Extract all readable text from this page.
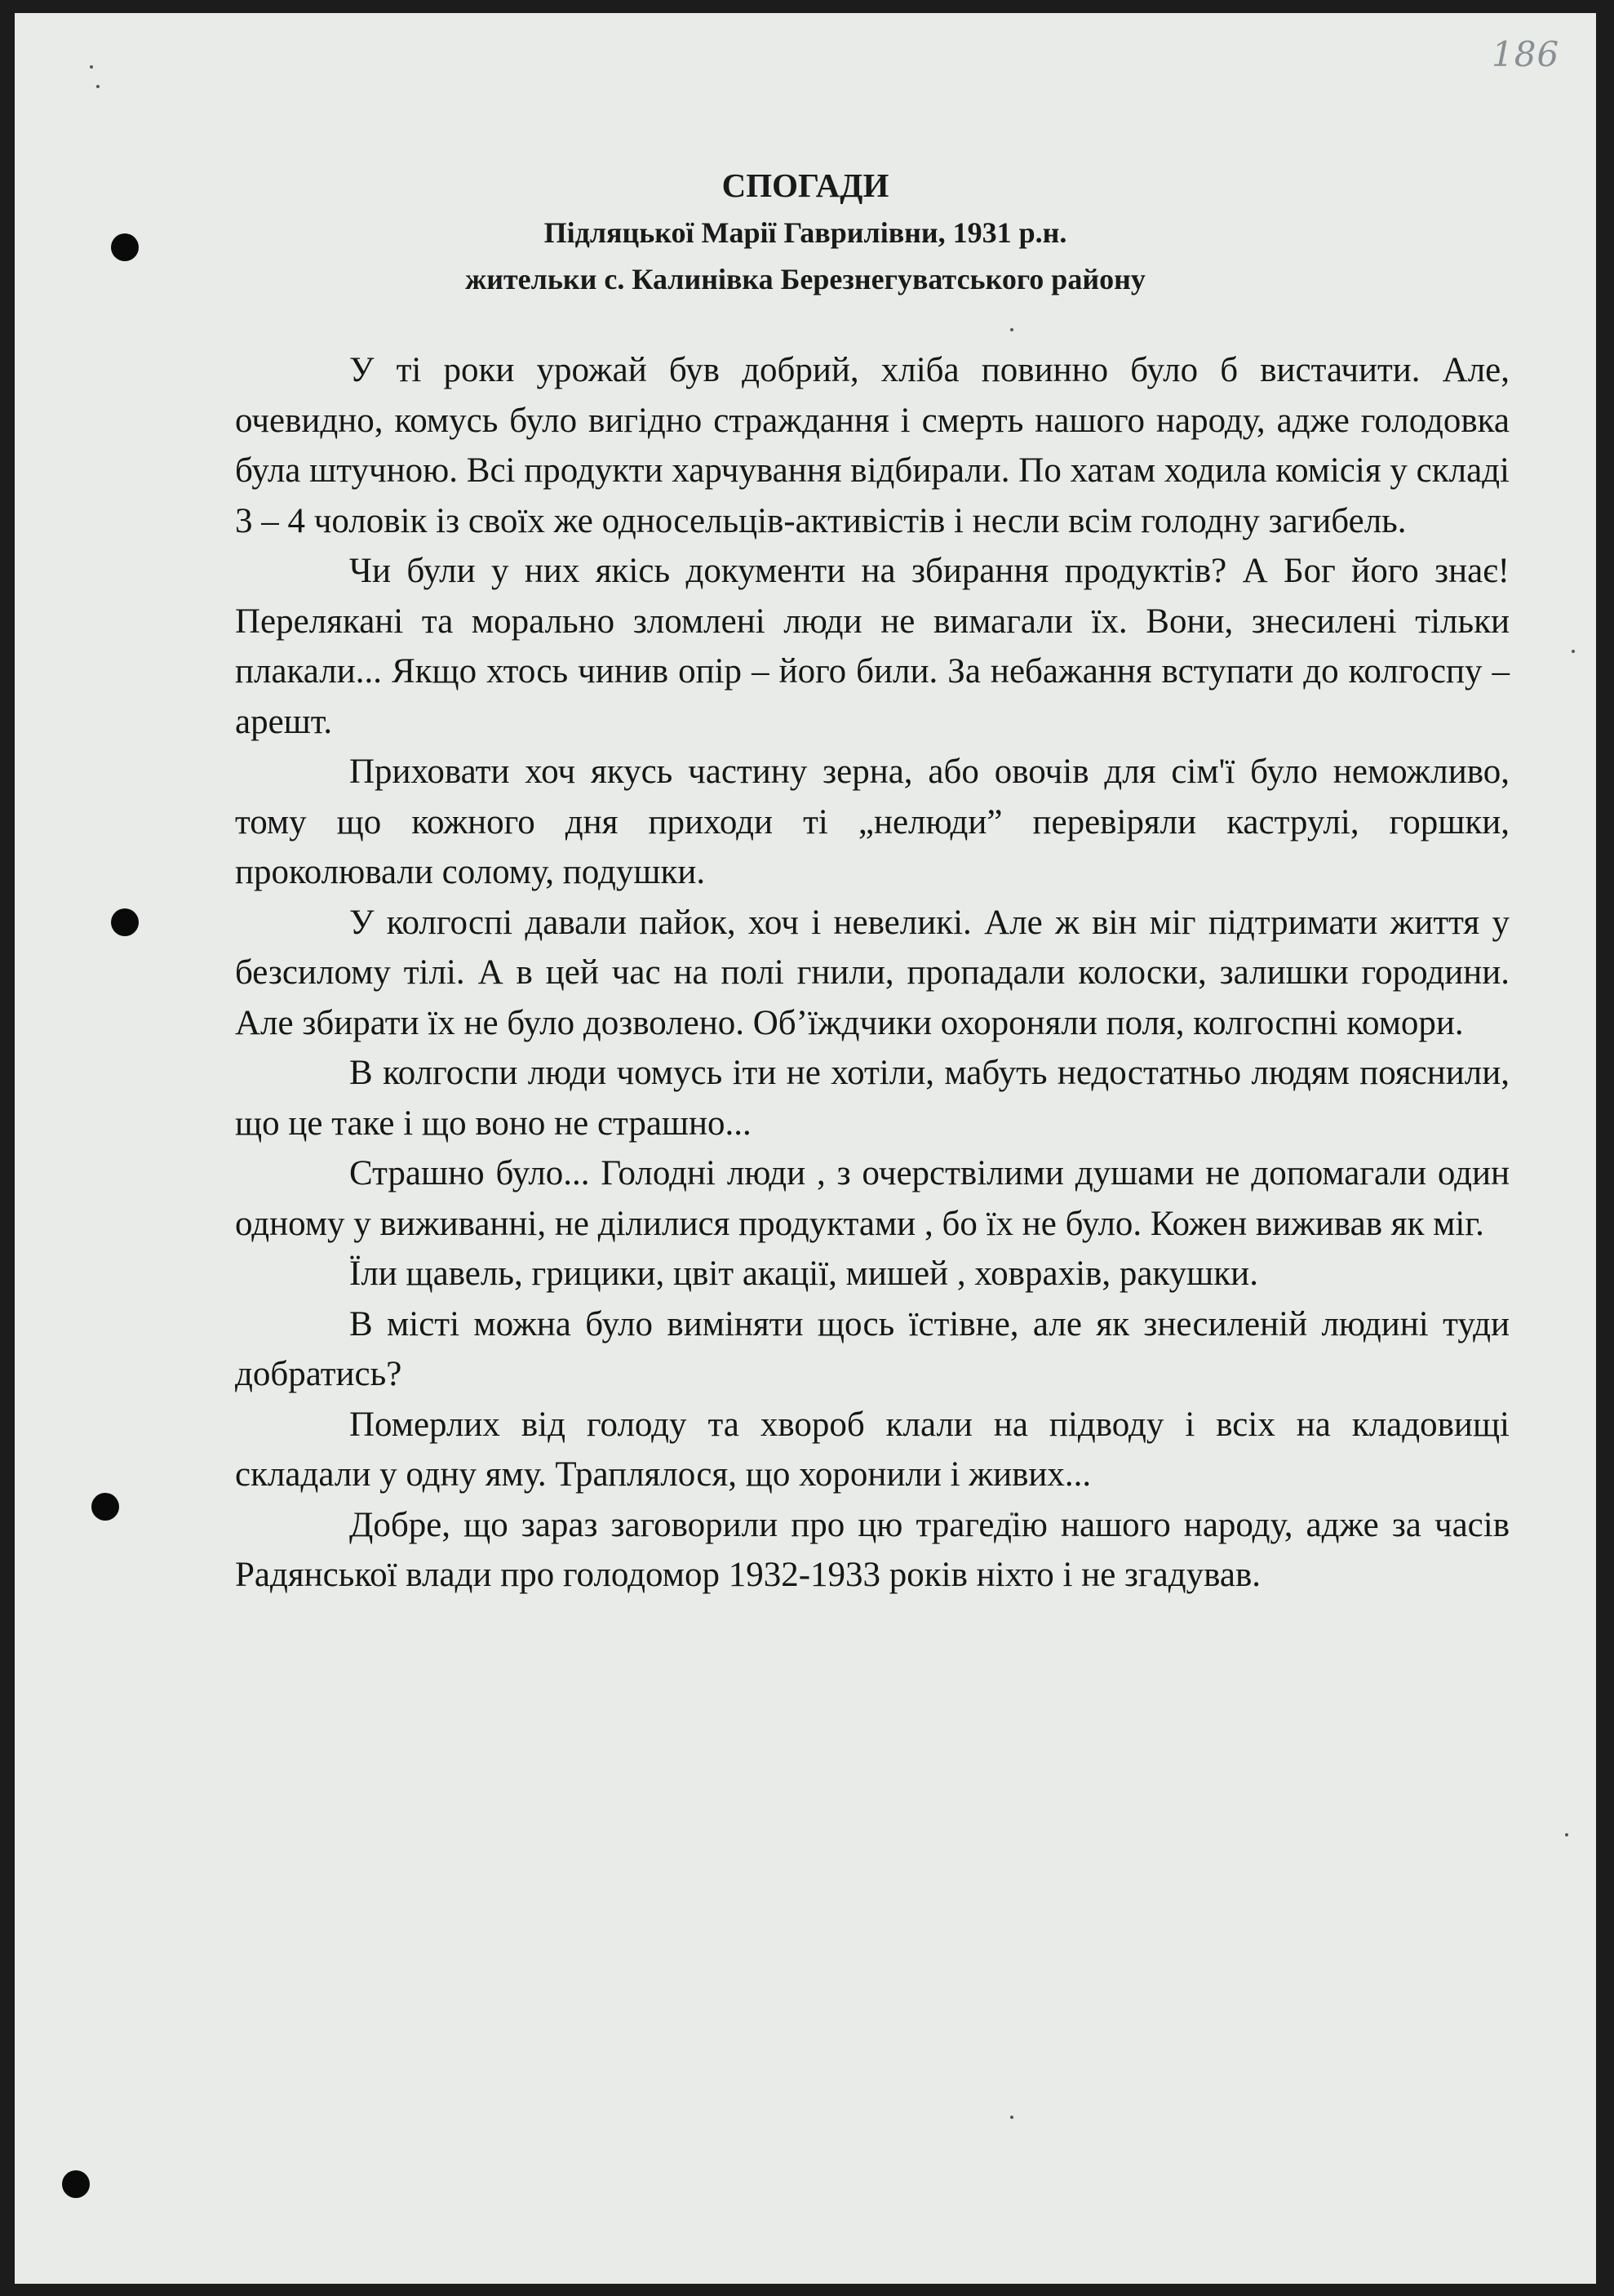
186
СПОГАДИ
Підляцької Марії Гаврилівни, 1931 р.н.
жительки с. Калинівка Березнегуватського району

У ті роки урожай був добрий, хліба повинно було б вистачити. Але, очевидно, комусь було вигідно страждання і смерть нашого народу, адже голодовка була штучною. Всі продукти харчування відбирали. По хатам ходила комісія у складі 3 – 4 чоловік із своїх же односельців-активістів і несли всім голодну загибель.

Чи були у них якісь документи на збирання продуктів? А Бог його знає! Перелякані та морально зломлені люди не вимагали їх. Вони, знесилені тільки плакали... Якщо хтось чинив опір – його били. За небажання вступати до колгоспу – арешт.

Приховати хоч якусь частину зерна, або овочів для сім'ї було неможливо, тому що кожного дня приходи ті „нелюди” перевіряли каструлі, горшки, проколювали солому, подушки.

У колгоспі давали пайок, хоч і невеликі. Але ж він міг підтримати життя у безсилому тілі. А в цей час на полі гнили, пропадали колоски, залишки городини. Але збирати їх не було дозволено. Об’їждчики охороняли поля, колгоспні комори.

В колгоспи люди чомусь іти не хотіли, мабуть недостатньо людям пояснили, що це таке і що воно не страшно...

Страшно було... Голодні люди , з очерствілими душами не допомагали один одному у виживанні, не ділилися продуктами , бо їх не було. Кожен виживав як міг.

Їли щавель, грицики, цвіт акації, мишей , ховрахів, ракушки.

В місті можна було виміняти щось їстівне, але як знесиленій людині туди добратись?

Померлих від голоду та хвороб клали на підводу і всіх на кладовищі складали у одну яму. Траплялося, що хоронили і живих...

Добре, що зараз заговорили про цю трагедію нашого народу, адже за часів Радянської влади про голодомор 1932-1933 років ніхто і не згадував.
